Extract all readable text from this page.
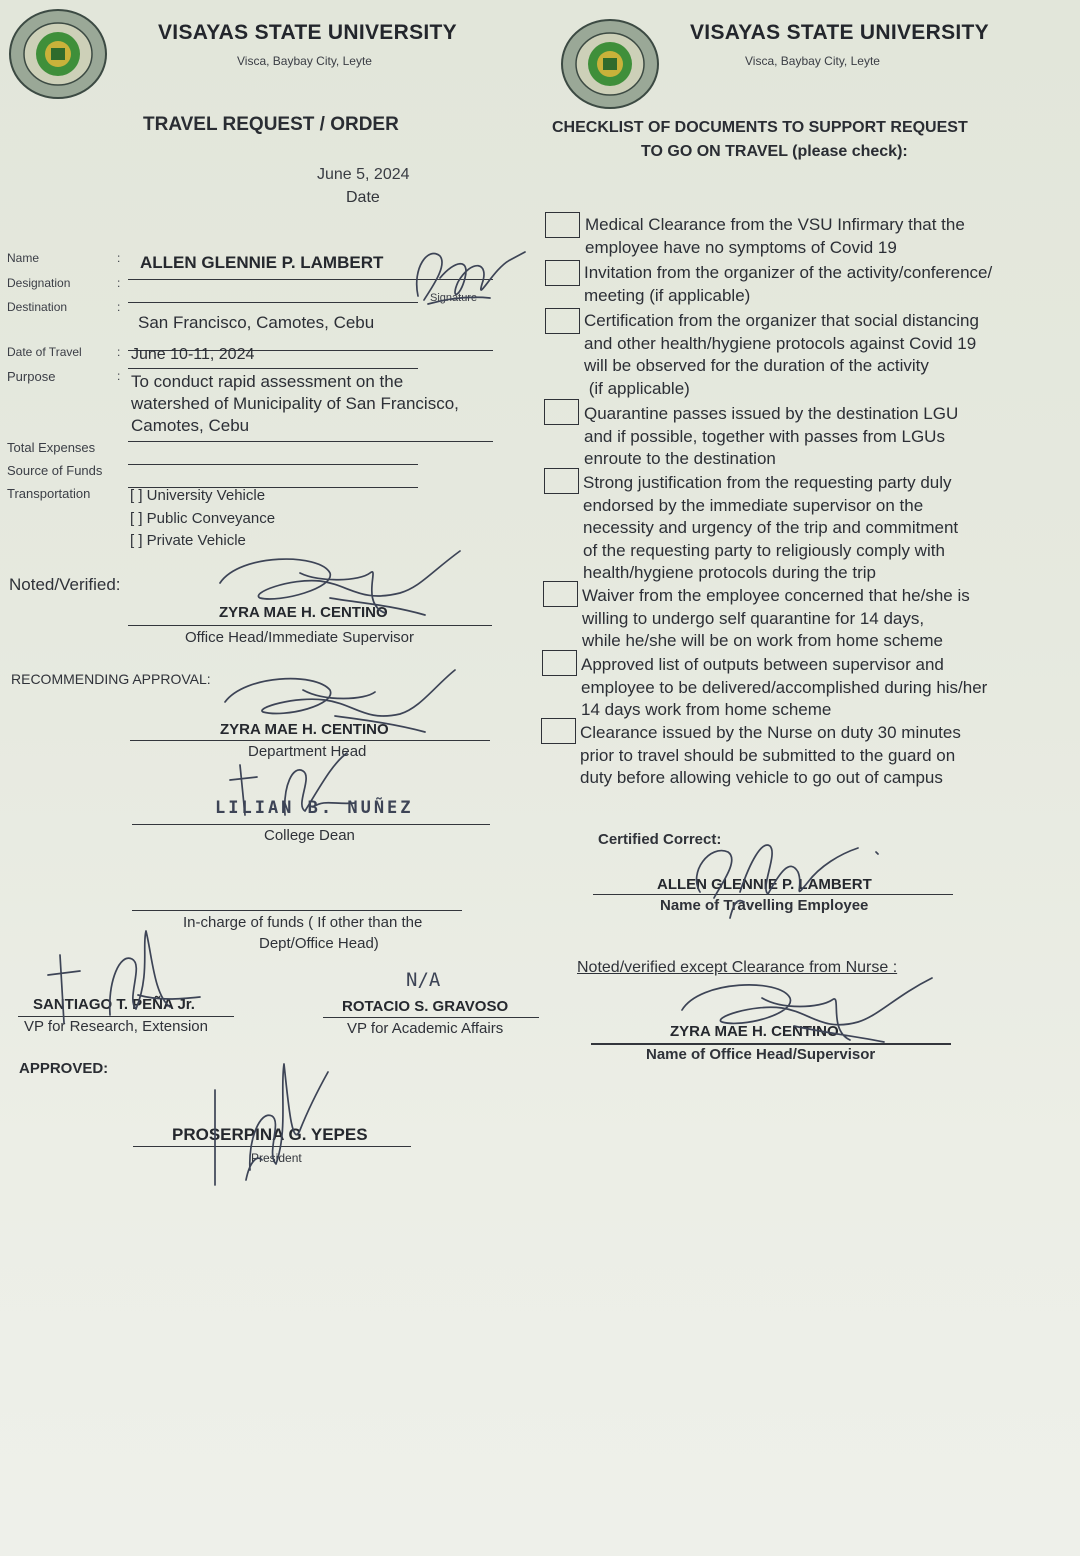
VISAYAS STATE UNIVERSITY
Visca, Baybay City, Leyte
TRAVEL REQUEST / ORDER
June 5, 2024
Date
Name	: ALLEN GLENNIE P. LAMBERT
Signature
Designation	:
Destination	:
San Francisco, Camotes, Cebu
Date of Travel	: June 10-11, 2024
Purpose	: To conduct rapid assessment on the
watershed of Municipality of San Francisco,
Camotes, Cebu
Total Expenses
Source of Funds
Transportation	[ ] University Vehicle
[ ] Public Conveyance
[ ] Private Vehicle
Noted/Verified:
ZYRA MAE H. CENTINO
Office Head/Immediate Supervisor
RECOMMENDING APPROVAL:
ZYRA MAE H. CENTINO
Department Head
LILIAN B. NUÑEZ
College Dean
In-charge of funds ( If other than the
Dept/Office Head)
SANTIAGO T. PEÑA Jr.
VP for Research, Extension
N/A
ROTACIO S. GRAVOSO
VP for Academic Affairs
APPROVED:
PROSERPINA G. YEPES
President
VISAYAS STATE UNIVERSITY
Visca, Baybay City, Leyte
CHECKLIST OF DOCUMENTS TO SUPPORT REQUEST
TO GO ON TRAVEL (please check):
Medical Clearance from the VSU Infirmary that the
employee have no symptoms of Covid 19
Invitation from the organizer of the activity/conference/
meeting (if applicable)
Certification from the organizer that social distancing
and other health/hygiene protocols against Covid 19
will be observed for the duration of the activity
(if applicable)
Quarantine passes issued by the destination LGU
and if possible, together with passes from LGUs
enroute to the destination
Strong justification from the requesting party duly
endorsed by the immediate supervisor on the
necessity and urgency of the trip and commitment
of the requesting party to religiously comply with
health/hygiene protocols during the trip
Waiver from the employee concerned that he/she is
willing to undergo self quarantine for 14 days,
while he/she will be on work from home scheme
Approved list of outputs between supervisor and
employee to be delivered/accomplished during his/her
14 days work from home scheme
Clearance issued by the Nurse on duty 30 minutes
prior to travel should be submitted to the guard on
duty before allowing vehicle to go out of campus
Certified Correct:
ALLEN GLENNIE P. LAMBERT
Name of Travelling Employee
Noted/verified except Clearance from Nurse :
ZYRA MAE H. CENTINO
Name of Office Head/Supervisor
